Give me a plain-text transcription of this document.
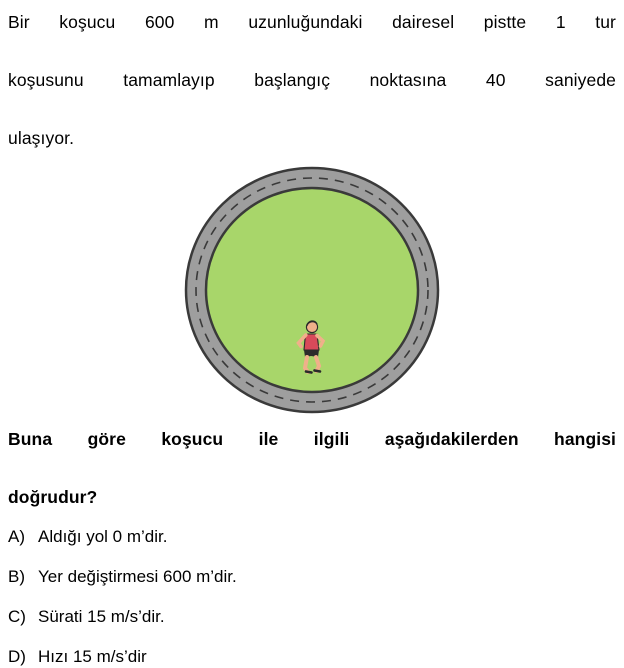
Bir koşucu 600 m uzunluğundaki dairesel pistte 1 tur
koşusunu tamamlayıp başlangıç noktasına 40 saniyede
ulaşıyor.
Buna göre koşucu ile ilgili aşağıdakilerden hangisi
doğrudur?
A) Aldığı yol 0 m’dir.
B) Yer değiştirmesi 600 m’dir.
C) Sürati 15 m/s’dir.
D) Hızı 15 m/s’dir
